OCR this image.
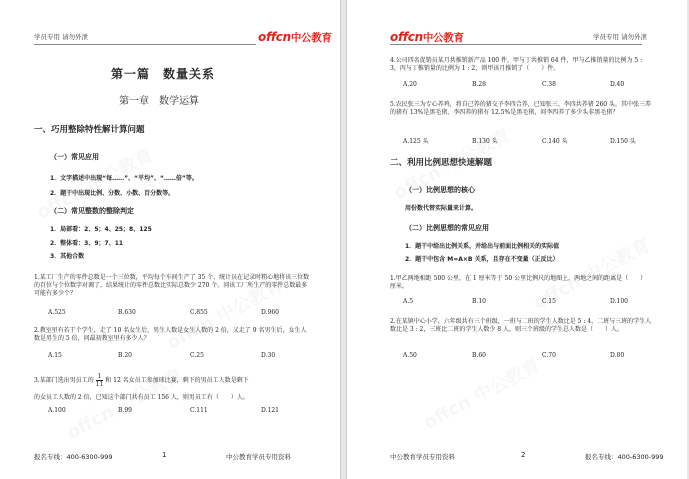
学员专用 请勿外泄	offcn中公教育
第一篇　数量关系
第一章　数学运算
一、巧用整除特性解计算问题
（一）常见应用
1．文字描述中出现“每……”、“平均”、“……倍”等。
2．题干中出现比例、分数、小数、百分数等。
（二）常见整数的整除判定
1．局部看：2、5；4、25；8、125
2．整体看：3、9；7、11
3．其他合数
1.某工厂生产的零件总数是一个三位数，平均每个车间生产了 35 个，统计员在记录时粗心地将该三位数的百位与个位数字对调了，结果统计的零件总数比实际总数少 270 个。问该工厂所生产的零件总数最多可能有多少个？
A.525	B.630	C.855	D.960
2.教室里有若干个学生，走了 10 名女生后，男生人数是女生人数的 2 倍，又走了 9 名男生后，女生人数是男生的 5 倍，问最初教室里有多少人？
A.15	B.20	C.25	D.30
3.某部门选出男员工的 $\frac{1}{11}$ 和 12 名女员工参加球比赛，剩下的男员工人数是剩下
的女员工人数的 2 倍，已知这个部门共有员工 156 人，则男员工有（　　）人。
A.100	B.99	C.111	D.121
报名专线：400-6300-999	1	中公教育学员专用资料
offcn中公教育	学员专用 请勿外泄
4.公司四名促销员某月共推销新产品 100 件，甲与丁共推销 64 件，甲与乙推销量的比例为 5 : 3，丙与丁推销量的比例为 1 : 2，则甲该月推销了（　　）件。
A.20	B.28	C.38	D.40
5.农民张三为专心养鸡，将自己养的猪交予李四合养，已知张三、李四共养猪 260 头，其中张三养的猪有 13%是黑毛猪，李四养的猪有 12.5%是黑毛猪，问李四养了多少头非黑毛猪？
A.125 头	B.130 头	C.140 头	D.150 头
二、利用比例思想快速解题
（一）比例思想的核心
用份数代替实际量来计算。
（二）比例思想的常见应用
1．题干中给出比例关系，并给出与前面比例相关的实际值
2．题干中包含 M=A×B 关系，且存在不变量（正反比）
1.甲乙两地相距 500 公里，在 1 厘米等于 50 公里比例尺的地图上，两地之间的距离是（　　）厘米。
A.5	B.10	C.15	D.100
2.在某镇中心小学，六年级共有三个班级，一班与二班的学生人数比是 5 : 4，二班与三班的学生人数比是 3 : 2，三班比二班的学生人数少 8 人，则三个班级的学生总人数是（　　）人。
A.50	B.60	C.70	D.80
中公教育学员专用资料	2	报名专线：400-6300-999
